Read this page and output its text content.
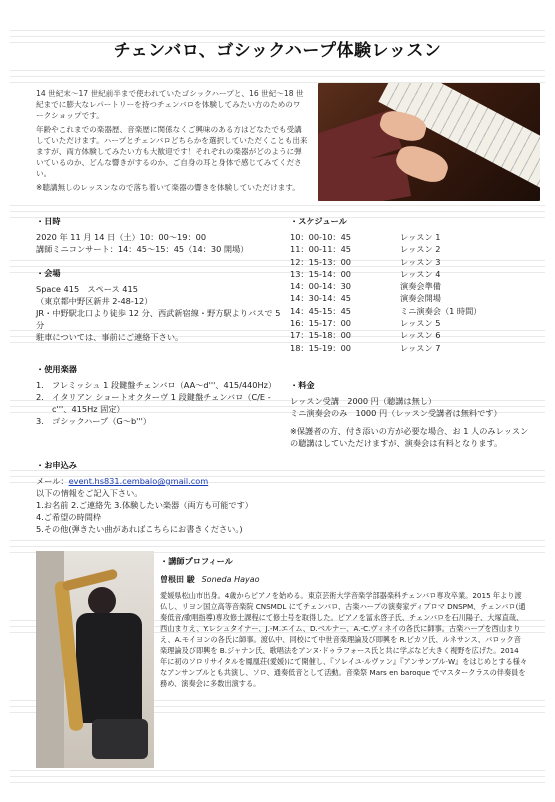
チェンバロ、ゴシックハープ体験レッスン

14 世紀末～17 世紀前半まで使われていたゴシックハープと、16 世紀～18 世紀までに膨大なレパートリーを持つチェンバロを体験してみたい方のためのワークショップです。

年齢やこれまでの楽器歴、音楽歴に関係なくご興味のある方はどなたでも受講していただけます。ハープとチェンバロどちらかを選択していただくことも出来ますが、両方体験してみたい方も大歓迎です！それぞれの楽器がどのように弾いているのか、どんな響きがするのか、ご自身の耳と身体で感じてみてください。

※聴講無しのレッスンなので落ち着いて楽器の響きを体験していただけます。

・日時
2020 年 11 月 14 日（土）10：00～19：00
講師ミニコンサート：14：45～15：45（14：30 開場）
・会場
Space 415　スペース 415
（東京都中野区新井 2-48-12）
JR・中野駅北口より徒歩 12 分、西武新宿線・野方駅よりバスで 5 分
駐車については、事前にご連絡下さい。
・使用楽器
1. フレミッシュ 1 段鍵盤チェンバロ（AA～d'''、415/440Hz）
2. イタリアン ショートオクターヴ 1 段鍵盤チェンバロ（C/E - c'''、415Hz 固定）
3. ゴシックハープ（G～b'''）
・お申込み
メール：event.hs831.cembalo@gmail.com
以下の情報をご記入下さい。
1.お名前 2.ご連絡先 3.体験したい楽器（両方も可能です）
4.ご希望の時間枠
5.その他(弾きたい曲があればこちらにお書きください。)
・スケジュール
10：00-10：45	レッスン 1
11：00-11：45	レッスン 2
12：15-13：00	レッスン 3
13：15-14：00	レッスン 4
14：00-14：30	演奏会準備
14：30-14：45	演奏会開場
14：45-15：45	ミニ演奏会（1 時間）
16：15-17：00	レッスン 5
17：15-18：00	レッスン 6
18：15-19：00	レッスン 7
・料金
レッスン受講　2000 円（聴講は無し）
ミニ演奏会のみ　1000 円（レッスン受講者は無料です）
※保護者の方、付き添いの方が必要な場合、お 1 人のみレッスンの聴講はしていただけますが、演奏会は有料となります。
・講師プロフィール
曽根田 駿 Soneda Hayao
愛媛県松山市出身。4歳からピアノを始める。東京芸術大学音楽学部器楽科チェンバロ専攻卒業。2015 年より渡仏し、リヨン国立高等音楽院 CNSMDL にてチェンバロ、古楽ハープの演奏家ディプロマ DNSPM、チェンバロ(通奏低音/歌唱指導)専攻修士課程にて修士号を取得した。ピアノを冨永啓子氏、チェンバロを石川陽子、大塚直哉、西山まりえ、Y.レシュタイナー、J.-M.エイム、D.ベルナー、A.-C.ヴィネイの各氏に師事。古楽ハープを西山まりえ、A.モイヨンの各氏に師事。渡仏中、同校にて中世音楽理論及び即興を R.ピカソ氏、ルネサンス、バロック音楽理論及び即興を B.ジャナン氏、歌唱法をアンヌ·ドゥラフォース氏と共に学ぶなど大きく視野を広げた。2014 年に初のソロリサイタルを鳳凰荘(愛媛)にて開催し、『ソレイユ·ルヴァン』『アンサンブル·W』をはじめとする様々なアンサンブルとも共演し、ソロ、通奏低音として活動。音楽祭 Mars en baroque でマスタークラスの伴奏員を務め、演奏会に多数出演する。
